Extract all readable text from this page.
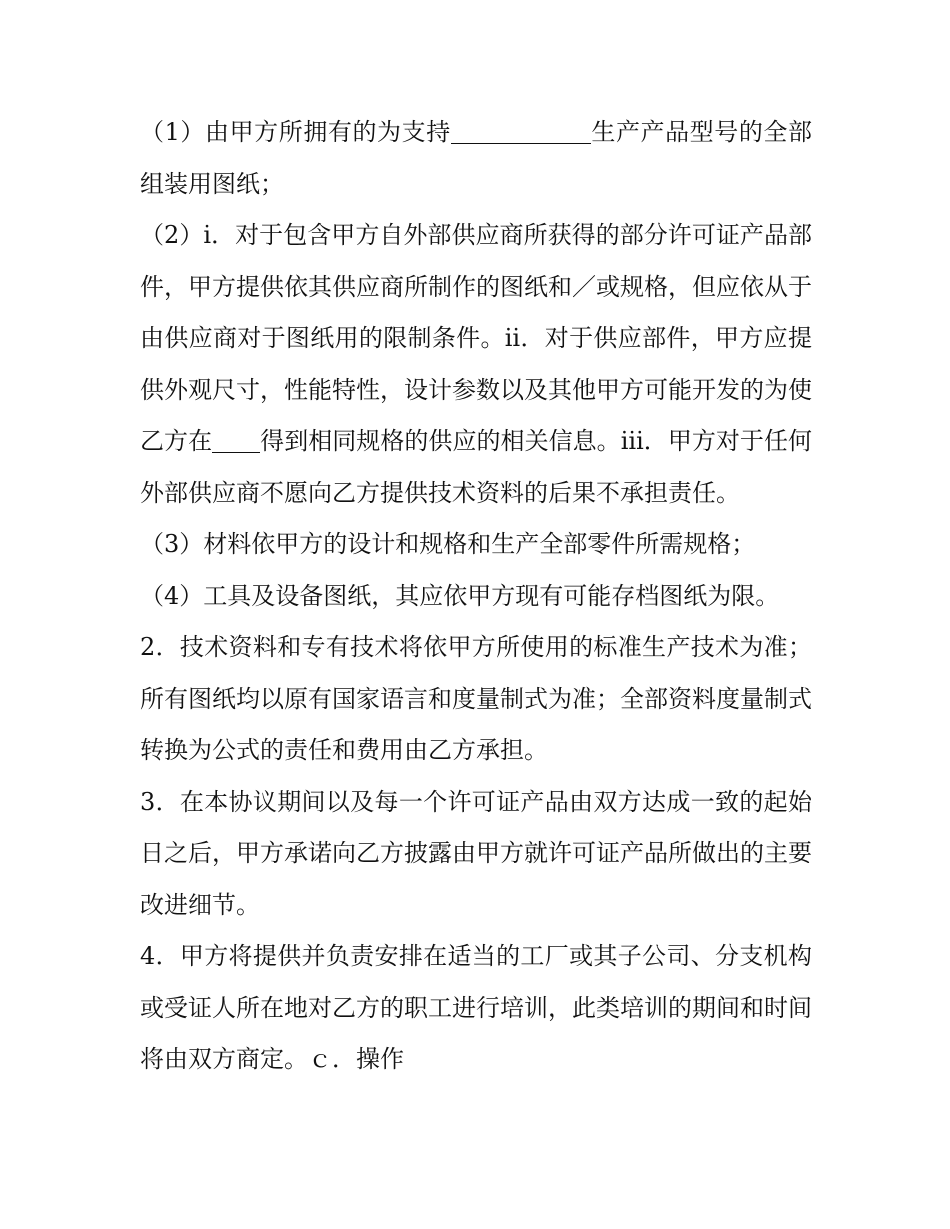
（1）由甲方所拥有的为支持	生产产品型号的全部组装用图纸；

（2）ⅰ．对于包含甲方自外部供应商所获得的部分许可证产品部件，甲方提供依其供应商所制作的图纸和／或规格，但应依从于由供应商对于图纸用的限制条件。ⅱ．对于供应部件，甲方应提供外观尺寸，性能特性，设计参数以及其他甲方可能开发的为使乙方在 得到相同规格的供应的相关信息。ⅲ．甲方对于任何外部供应商不愿向乙方提供技术资料的后果不承担责任。

（3）材料依甲方的设计和规格和生产全部零件所需规格；

（4）工具及设备图纸，其应依甲方现有可能存档图纸为限。

2．技术资料和专有技术将依甲方所使用的标准生产技术为准；所有图纸均以原有国家语言和度量制式为准；全部资料度量制式转换为公式的责任和费用由乙方承担。

3．在本协议期间以及每一个许可证产品由双方达成一致的起始日之后，甲方承诺向乙方披露由甲方就许可证产品所做出的主要改进细节。

4．甲方将提供并负责安排在适当的工厂或其子公司、分支机构或受证人所在地对乙方的职工进行培训，此类培训的期间和时间将由双方商定。ｃ．操作
